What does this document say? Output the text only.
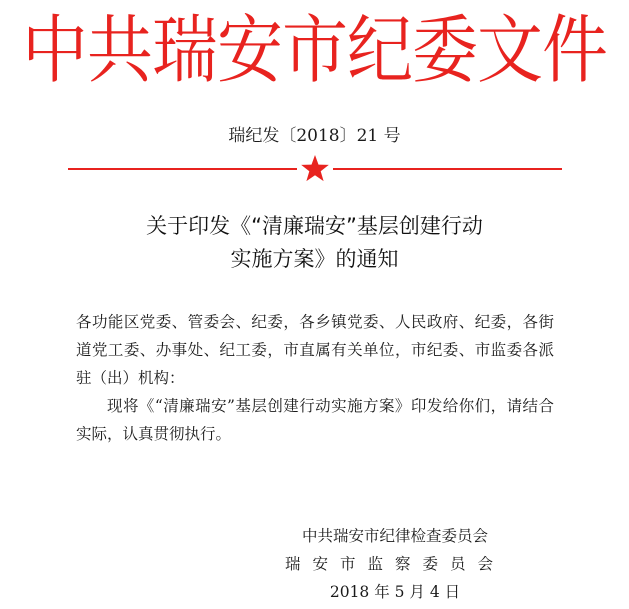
中共瑞安市纪委文件
瑞纪发〔2018〕21 号
关于印发《“清廉瑞安”基层创建行动
实施方案》的通知

各功能区党委、管委会、纪委，各乡镇党委、人民政府、纪委，各街道党工委、办事处、纪工委，市直属有关单位，市纪委、市监委各派驻（出）机构：

现将《“清廉瑞安”基层创建行动实施方案》印发给你们，请结合实际，认真贯彻执行。

中共瑞安市纪律检查委员会
瑞安市监察委员会
2018 年 5 月 4 日
